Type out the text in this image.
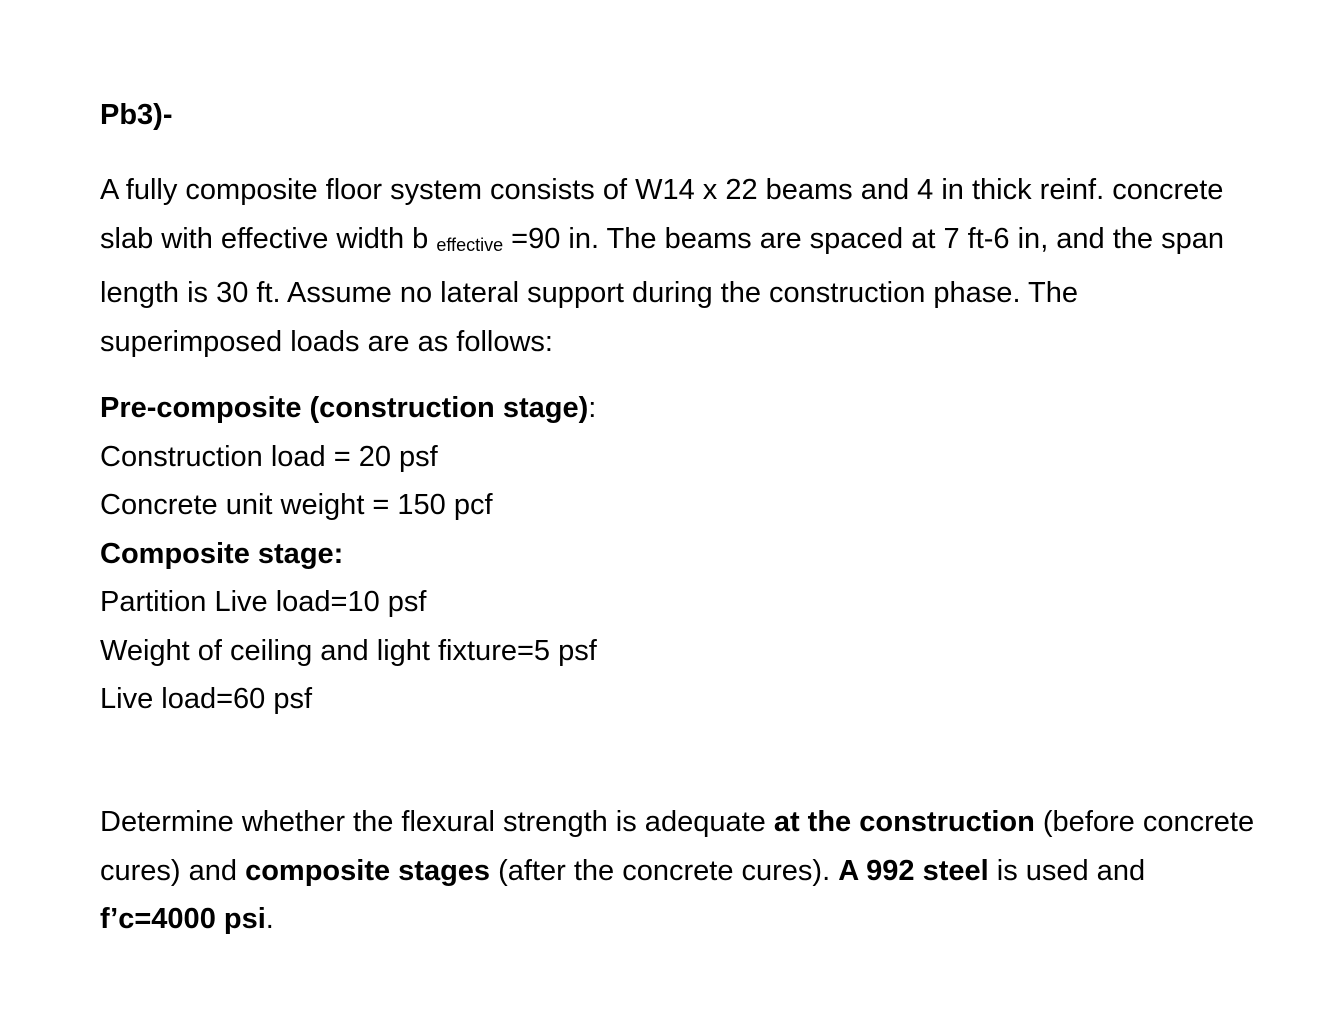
Pb3)-

A fully composite floor system consists of W14 x 22 beams and 4 in thick reinf. concrete slab with effective width b effective =90 in. The beams are spaced at 7 ft-6 in, and the span length is 30 ft. Assume no lateral support during the construction phase. The superimposed loads are as follows:

Pre-composite (construction stage):
Construction load = 20 psf
Concrete unit weight = 150 pcf
Composite stage:
Partition Live load=10 psf
Weight of ceiling and light fixture=5 psf
Live load=60 psf

Determine whether the flexural strength is adequate at the construction (before concrete cures) and composite stages (after the concrete cures). A 992 steel is used and f’c=4000 psi.
